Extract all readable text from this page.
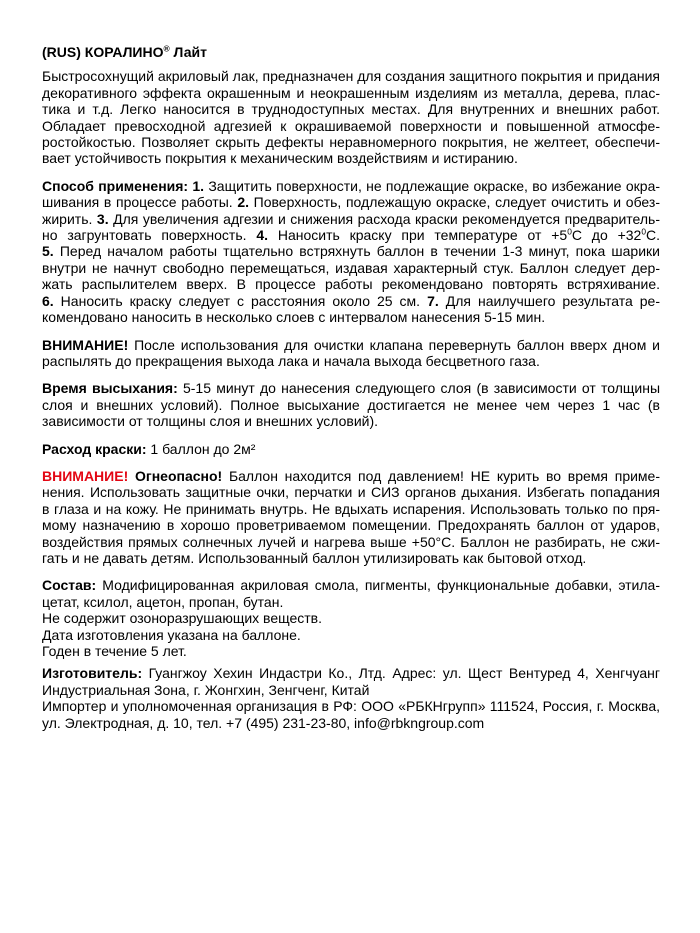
(RUS) КОРАЛИНО® Лайт
Быстросохнущий акриловый лак, предназначен для создания защитного покрытия и придания
декоративного эффекта окрашенным и неокрашенным изделиям из металла, дерева, плас-
тика и т.д. Легко наносится в труднодоступных местах. Для внутренних и внешних работ.
Обладает превосходной адгезией к окрашиваемой поверхности и повышенной атмосфе-
ростойкостью. Позволяет скрыть дефекты неравномерного покрытия, не желтеет, обеспечи-
вает устойчивость покрытия к механическим воздействиям и истиранию.
Способ применения: 1. Защитить поверхности, не подлежащие окраске, во избежание окра-
шивания в процессе работы. 2. Поверхность, подлежащую окраске, следует очистить и обез-
жирить. 3. Для увеличения адгезии и снижения расхода краски рекомендуется предваритель-
но загрунтовать поверхность. 4. Наносить краску при температуре от $+5^0С$ до $+32^0С$.
5. Перед началом работы тщательно встряхнуть баллон в течении 1-3 минут, пока шарики
внутри не начнут свободно перемещаться, издавая характерный стук. Баллон следует дер-
жать распылителем вверх. В процессе работы рекомендовано повторять встряхивание.
6. Наносить краску следует с расстояния около 25 см. 7. Для наилучшего результата ре-
комендовано наносить в несколько слоев с интервалом нанесения 5-15 мин.
ВНИМАНИЕ! После использования для очистки клапана перевернуть баллон вверх дном и
распылять до прекращения выхода лака и начала выхода бесцветного газа.
Время высыхания: 5-15 минут до нанесения следующего слоя (в зависимости от толщины
слоя и внешних условий). Полное высыхание достигается не менее чем через 1 час (в
зависимости от толщины слоя и внешних условий).
Расход краски: 1 баллон до 2м²
ВНИМАНИЕ! Огнеопасно! Баллон находится под давлением! НЕ курить во время приме-
нения. Использовать защитные очки, перчатки и СИЗ органов дыхания. Избегать попадания
в глаза и на кожу. Не принимать внутрь. Не вдыхать испарения. Использовать только по пря-
мому назначению в хорошо проветриваемом помещении. Предохранять баллон от ударов,
воздействия прямых солнечных лучей и нагрева выше +50°С. Баллон не разбирать, не сжи-
гать и не давать детям. Использованный баллон утилизировать как бытовой отход.
Состав: Модифицированная акриловая смола, пигменты, функциональные добавки, этила-
цетат, ксилол, ацетон, пропан, бутан.
Не содержит озоноразрушающих веществ.
Дата изготовления указана на баллоне.
Годен в течение 5 лет.
Изготовитель: Гуангжоу Хехин Индастри Ко., Лтд. Адрес: ул. Щест Вентуред 4, Хенгчуанг
Индустриальная Зона, г. Жонгхин, Зенгченг, Китай
Импортер и уполномоченная организация в РФ: ООО «РБКНгрупп» 111524, Россия, г. Москва,
ул. Электродная, д. 10, тел. +7 (495) 231-23-80, info@rbkngroup.com
